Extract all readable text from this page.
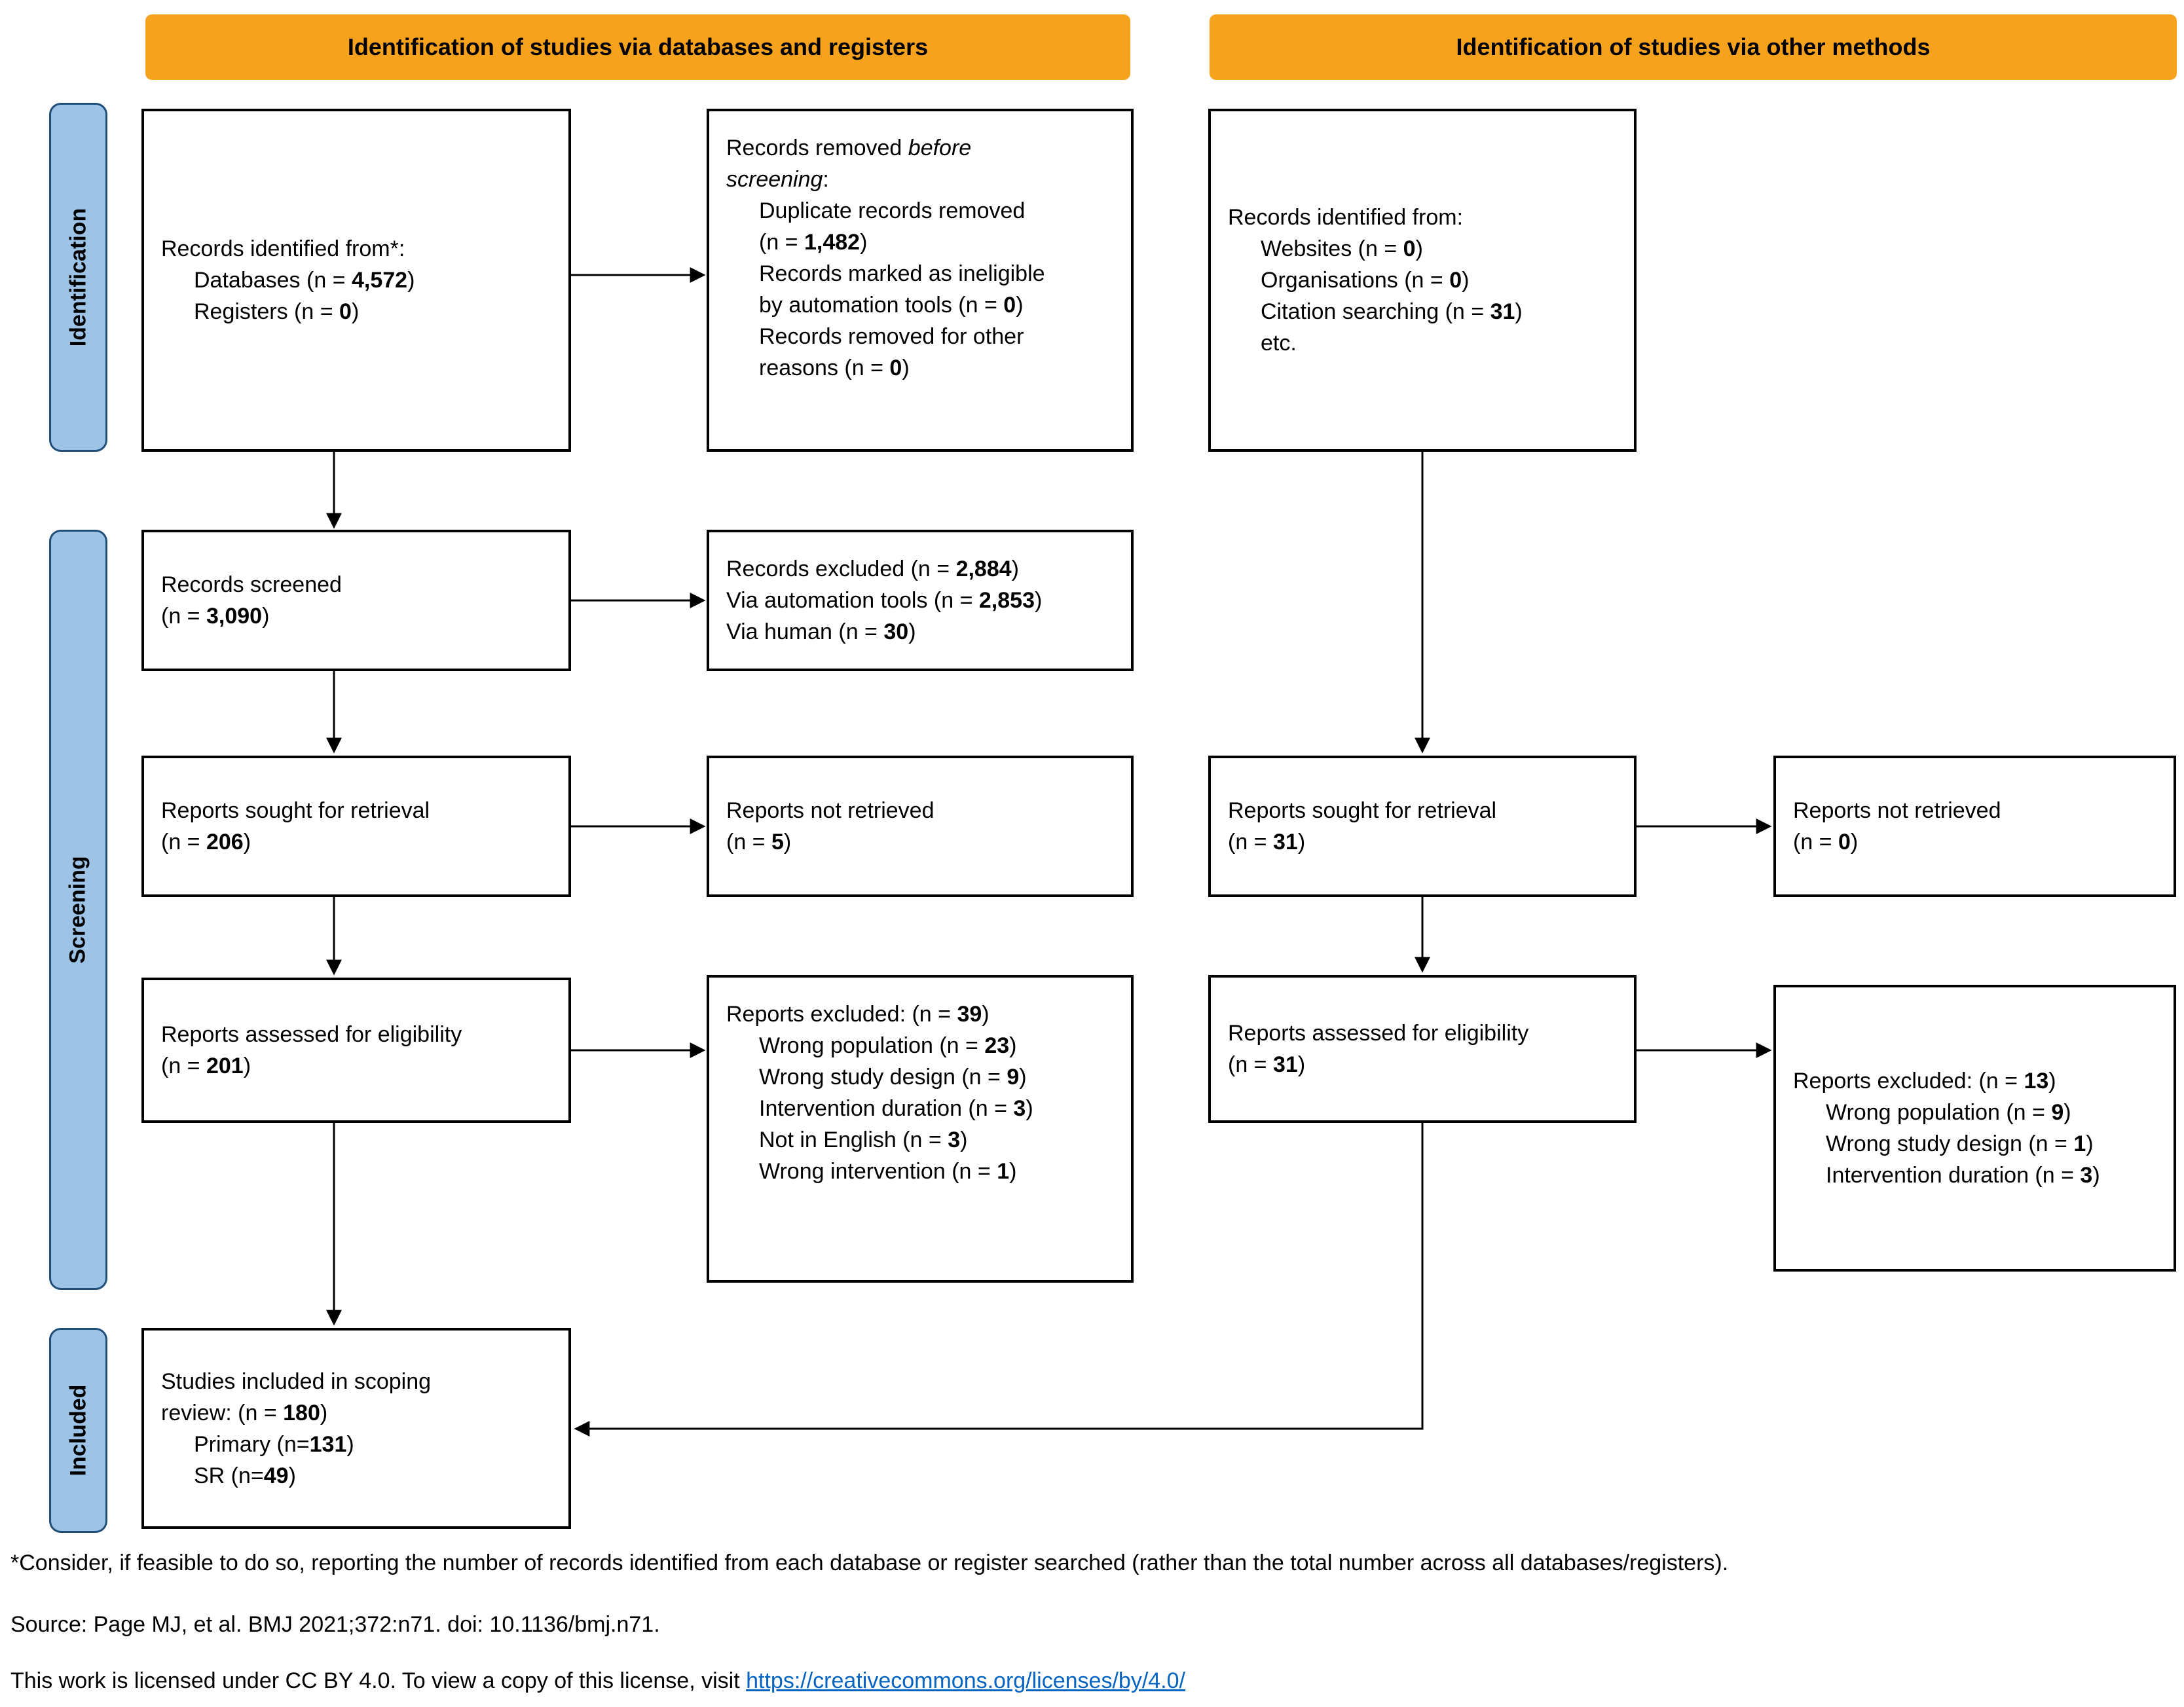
Identification of studies via databases and registers	Identification of studies via other methods
Identification
Screening
Included
Records identified from*:
Databases (n = 4,572)
Registers (n = 0)
Records removed before
screening:
Duplicate records removed
(n = 1,482)
Records marked as ineligible
by automation tools (n = 0)
Records removed for other
reasons (n = 0)
Records screened
(n = 3,090)
Records excluded (n = 2,884)
Via automation tools (n = 2,853)
Via human (n = 30)
Reports sought for retrieval
(n = 206)
Reports not retrieved
(n = 5)
Reports assessed for eligibility
(n = 201)
Reports excluded: (n = 39)
Wrong population (n = 23)
Wrong study design (n = 9)
Intervention duration (n = 3)
Not in English (n = 3)
Wrong intervention (n = 1)
Studies included in scoping
review: (n = 180)
Primary (n=131)
SR (n=49)
Records identified from:
Websites (n = 0)
Organisations (n = 0)
Citation searching (n = 31)
etc.
Reports sought for retrieval
(n = 31)
Reports not retrieved
(n = 0)
Reports assessed for eligibility
(n = 31)
Reports excluded: (n = 13)
Wrong population (n = 9)
Wrong study design (n = 1)
Intervention duration (n = 3)
*Consider, if feasible to do so, reporting the number of records identified from each database or register searched (rather than the total number across all databases/registers).
Source: Page MJ, et al. BMJ 2021;372:n71. doi: 10.1136/bmj.n71.
This work is licensed under CC BY 4.0. To view a copy of this license, visit https://creativecommons.org/licenses/by/4.0/
